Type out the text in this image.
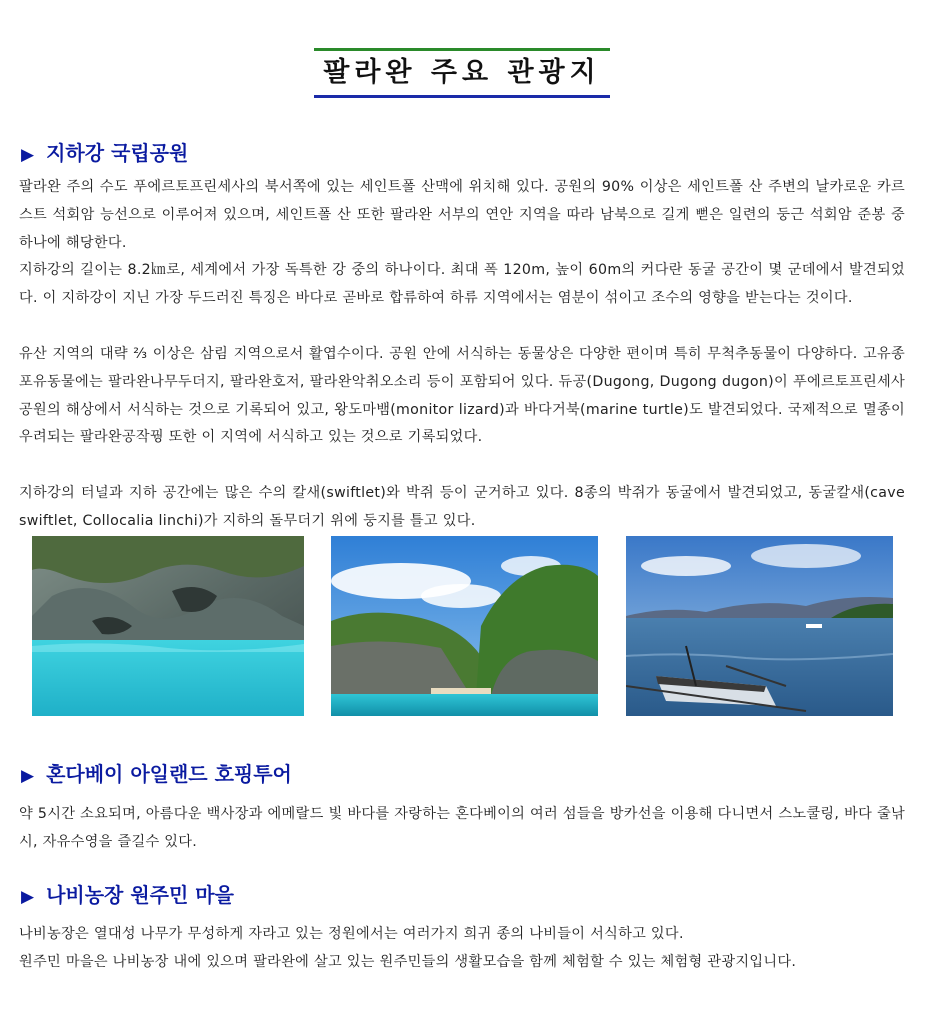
팔라완 주요 관광지
▶ 지하강 국립공원

팔라완 주의 수도 푸에르토프린세사의 북서쪽에 있는 세인트폴 산맥에 위치해 있다. 공원의 90% 이상은 세인트폴 산 주변의 날카로운 카르스트 석회암 능선으로 이루어져 있으며, 세인트폴 산 또한 팔라완 서부의 연안 지역을 따라 남북으로 길게 뻗은 일련의 둥근 석회암 준봉 중 하나에 해당한다.

지하강의 길이는 8.2㎞로, 세계에서 가장 독특한 강 중의 하나이다. 최대 폭 120m, 높이 60m의 커다란 동굴 공간이 몇 군데에서 발견되었다. 이 지하강이 지닌 가장 두드러진 특징은 바다로 곧바로 합류하여 하류 지역에서는 염분이 섞이고 조수의 영향을 받는다는 것이다.

유산 지역의 대략 ⅔ 이상은 삼림 지역으로서 활엽수이다. 공원 안에 서식하는 동물상은 다양한 편이며 특히 무척추동물이 다양하다. 고유종 포유동물에는 팔라완나무두더지, 팔라완호저, 팔라완악취오소리 등이 포함되어 있다. 듀공(Dugong, Dugong dugon)이 푸에르토프린세사 공원의 해상에서 서식하는 것으로 기록되어 있고, 왕도마뱀(monitor lizard)과 바다거북(marine turtle)도 발견되었다. 국제적으로 멸종이 우려되는 팔라완공작꿩 또한 이 지역에 서식하고 있는 것으로 기록되었다.

지하강의 터널과 지하 공간에는 많은 수의 칼새(swiftlet)와 박쥐 등이 군거하고 있다. 8종의 박쥐가 동굴에서 발견되었고, 동굴칼새(cave swiftlet, Collocalia linchi)가 지하의 돌무더기 위에 둥지를 틀고 있다.

▶ 혼다베이 아일랜드 호핑투어

약 5시간 소요되며, 아름다운 백사장과 에메랄드 빛 바다를 자랑하는 혼다베이의 여러 섬들을 방카선을 이용해 다니면서 스노쿨링, 바다 줄낚시, 자유수영을 즐길수 있다.

▶ 나비농장 원주민 마을

나비농장은 열대성 나무가 무성하게 자라고 있는 정원에서는 여러가지 희귀 종의 나비들이 서식하고 있다.

원주민 마을은 나비농장 내에 있으며 팔라완에 살고 있는 원주민들의 생활모습을 함께 체험할 수 있는 체험형 관광지입니다.
